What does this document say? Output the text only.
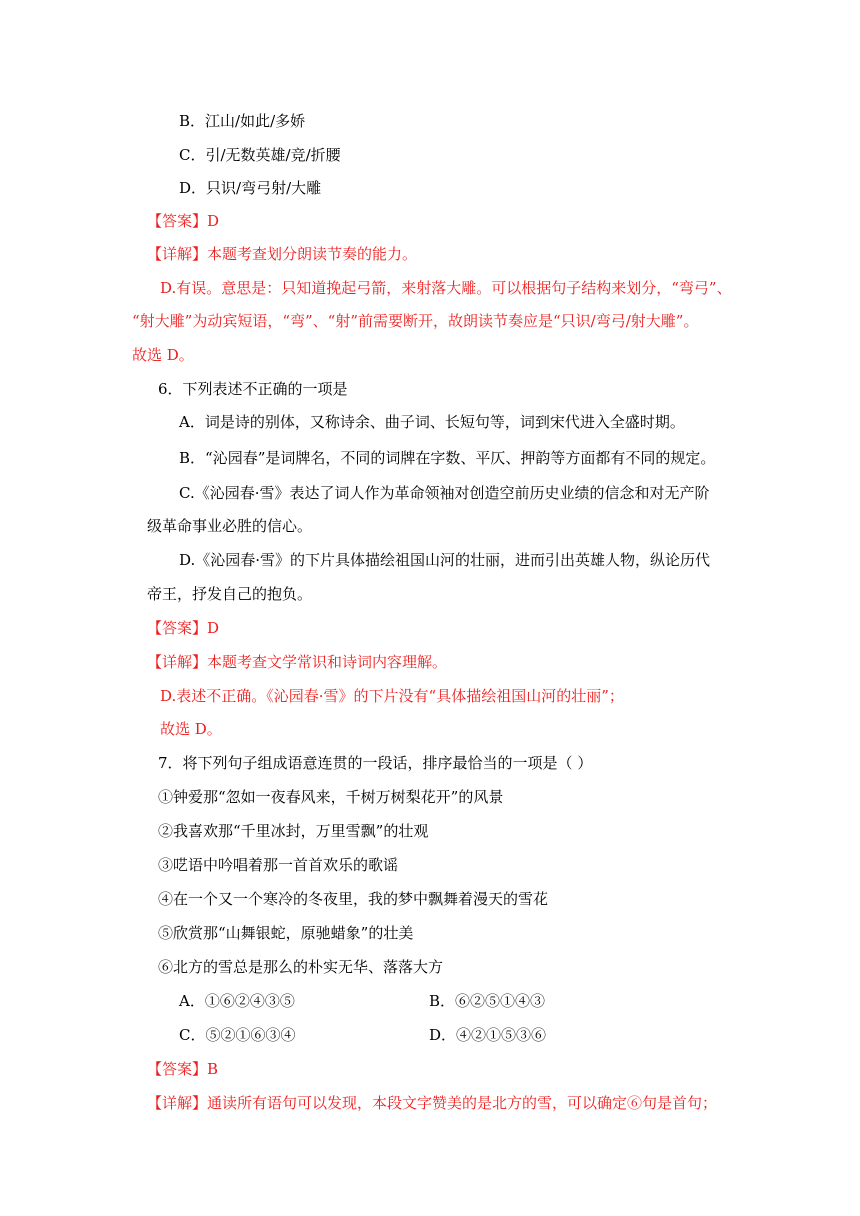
B．江山/如此/多娇
C．引/无数英雄/竞/折腰
D．只识/弯弓射/大雕
【答案】D
【详解】本题考查划分朗读节奏的能力。
D.有误。意思是：只知道挽起弓箭，来射落大雕。可以根据句子结构来划分，“弯弓”、
“射大雕”为动宾短语，“弯”、“射”前需要断开，故朗读节奏应是“只识/弯弓/射大雕”。
故选 D。
6．下列表述不正确的一项是
A．词是诗的别体，又称诗余、曲子词、长短句等，词到宋代进入全盛时期。
B．“沁园春”是词牌名，不同的词牌在字数、平仄、押韵等方面都有不同的规定。
C.《沁园春·雪》表达了词人作为革命领袖对创造空前历史业绩的信念和对无产阶
级革命事业必胜的信心。
D.《沁园春·雪》的下片具体描绘祖国山河的壮丽，进而引出英雄人物，纵论历代
帝王，抒发自己的抱负。
【答案】D
【详解】本题考查文学常识和诗词内容理解。
D.表述不正确。《沁园春·雪》的下片没有“具体描绘祖国山河的壮丽”；
故选 D。
7．将下列句子组成语意连贯的一段话，排序最恰当的一项是（ ）
①钟爱那“忽如一夜春风来，千树万树梨花开”的风景
②我喜欢那“千里冰封，万里雪飘”的壮观
③呓语中吟唱着那一首首欢乐的歌谣
④在一个又一个寒冷的冬夜里，我的梦中飘舞着漫天的雪花
⑤欣赏那“山舞银蛇，原驰蜡象”的壮美
⑥北方的雪总是那么的朴实无华、落落大方
A．①⑥②④③⑤	B．⑥②⑤①④③
C．⑤②①⑥③④	D．④②①⑤③⑥
【答案】B
【详解】通读所有语句可以发现，本段文字赞美的是北方的雪，可以确定⑥句是首句；
